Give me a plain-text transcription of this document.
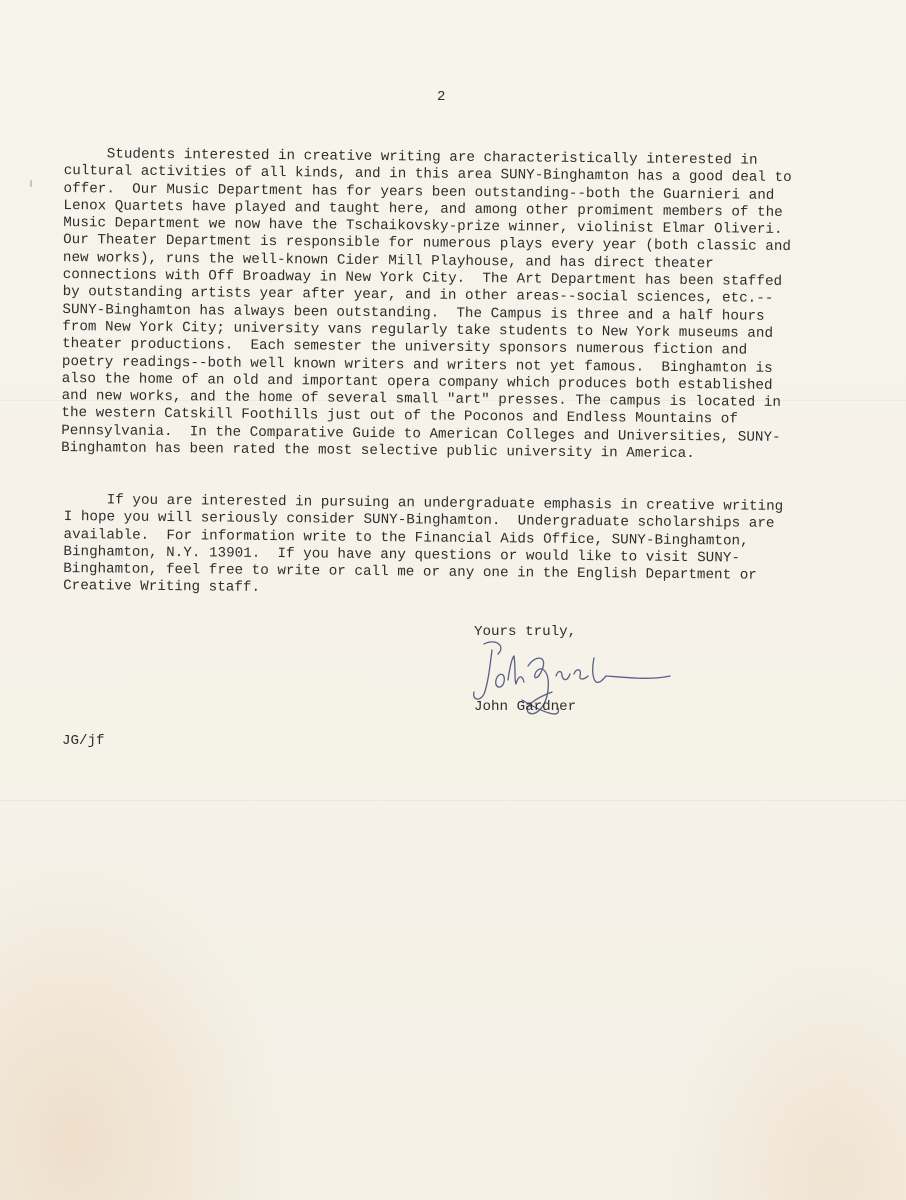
2
Students interested in creative writing are characteristically interested in
cultural activities of all kinds, and in this area SUNY-Binghamton has a good deal to
offer.  Our Music Department has for years been outstanding--both the Guarnieri and
Lenox Quartets have played and taught here, and among other promiment members of the
Music Department we now have the Tschaikovsky-prize winner, violinist Elmar Oliveri.
Our Theater Department is responsible for numerous plays every year (both classic and
new works), runs the well-known Cider Mill Playhouse, and has direct theater
connections with Off Broadway in New York City.  The Art Department has been staffed
by outstanding artists year after year, and in other areas--social sciences, etc.--
SUNY-Binghamton has always been outstanding.  The Campus is three and a half hours
from New York City; university vans regularly take students to New York museums and
theater productions.  Each semester the university sponsors numerous fiction and
poetry readings--both well known writers and writers not yet famous.  Binghamton is
also the home of an old and important opera company which produces both established
and new works, and the home of several small "art" presses. The campus is located in
the western Catskill Foothills just out of the Poconos and Endless Mountains of
Pennsylvania.  In the Comparative Guide to American Colleges and Universities, SUNY-
Binghamton has been rated the most selective public university in America.
If you are interested in pursuing an undergraduate emphasis in creative writing
I hope you will seriously consider SUNY-Binghamton.  Undergraduate scholarships are
available.  For information write to the Financial Aids Office, SUNY-Binghamton,
Binghamton, N.Y. 13901.  If you have any questions or would like to visit SUNY-
Binghamton, feel free to write or call me or any one in the English Department or
Creative Writing staff.
Yours truly,
John Gardner
JG/jf
